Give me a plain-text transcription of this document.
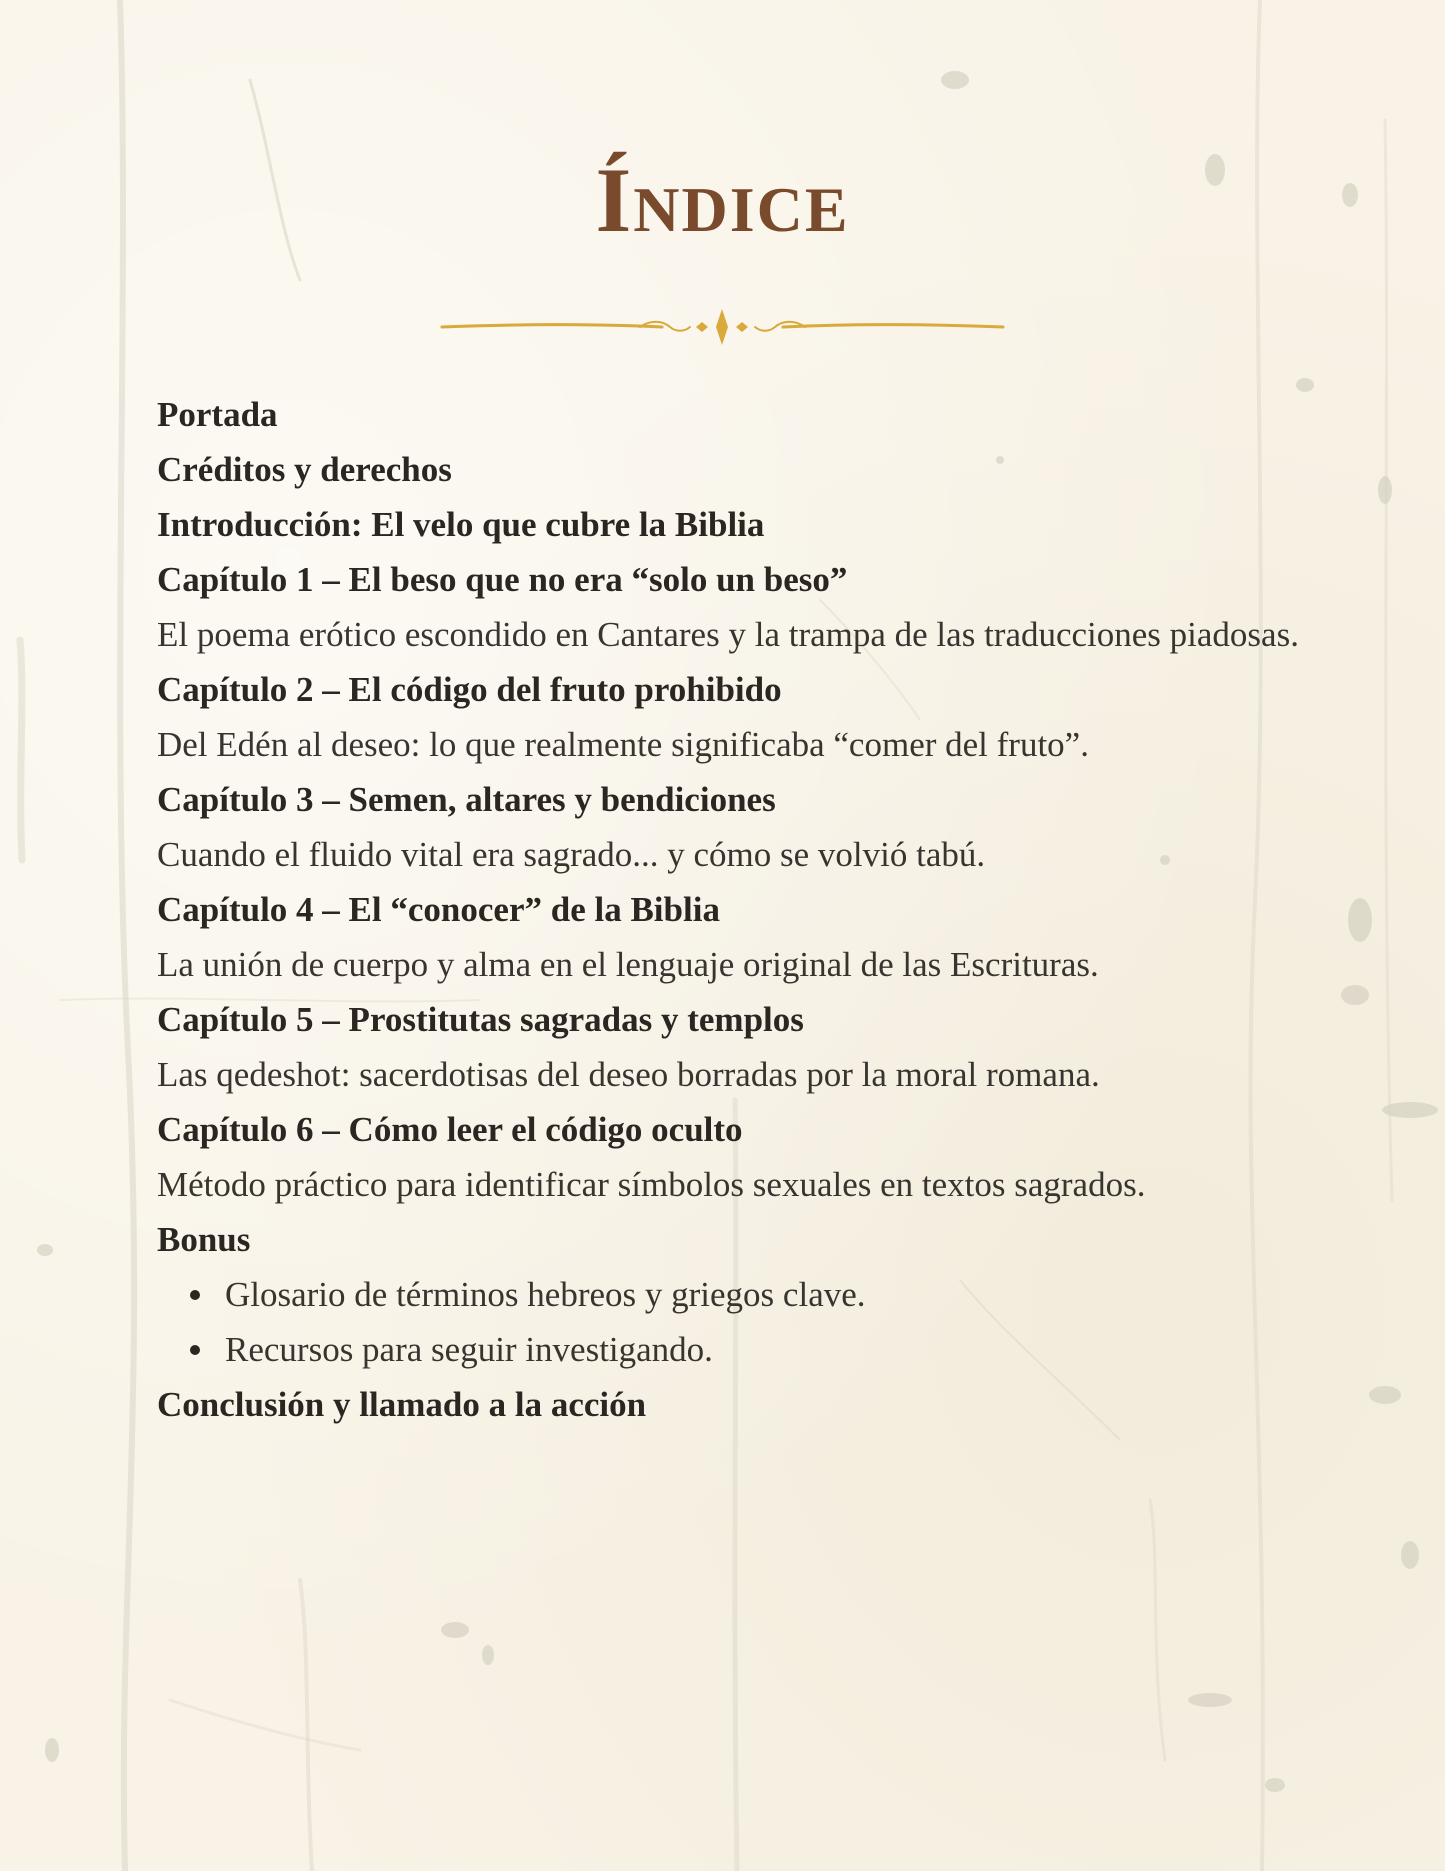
Índice
Portada
Créditos y derechos
Introducción: El velo que cubre la Biblia
Capítulo 1 – El beso que no era “solo un beso”
El poema erótico escondido en Cantares y la trampa de las traducciones piadosas.
Capítulo 2 – El código del fruto prohibido
Del Edén al deseo: lo que realmente significaba “comer del fruto”.
Capítulo 3 – Semen, altares y bendiciones
Cuando el fluido vital era sagrado... y cómo se volvió tabú.
Capítulo 4 – El “conocer” de la Biblia
La unión de cuerpo y alma en el lenguaje original de las Escrituras.
Capítulo 5 – Prostitutas sagradas y templos
Las qedeshot: sacerdotisas del deseo borradas por la moral romana.
Capítulo 6 – Cómo leer el código oculto
Método práctico para identificar símbolos sexuales en textos sagrados.
Bonus
Glosario de términos hebreos y griegos clave.
Recursos para seguir investigando.
Conclusión y llamado a la acción
